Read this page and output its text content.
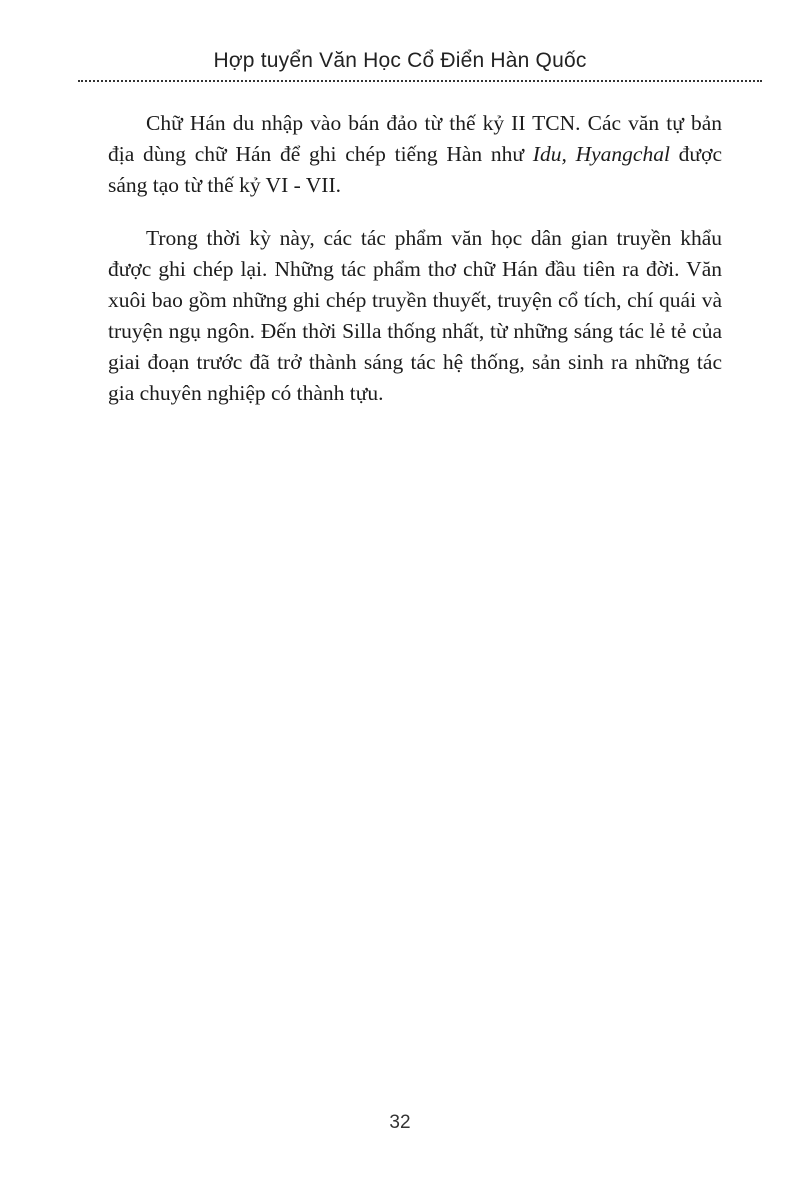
Hợp tuyển Văn Học Cổ Điển Hàn Quốc

Chữ Hán du nhập vào bán đảo từ thế kỷ II TCN. Các văn tự bản địa dùng chữ Hán để ghi chép tiếng Hàn như Idu, Hyangchal được sáng tạo từ thế kỷ VI - VII.

Trong thời kỳ này, các tác phẩm văn học dân gian truyền khẩu được ghi chép lại. Những tác phẩm thơ chữ Hán đầu tiên ra đời. Văn xuôi bao gồm những ghi chép truyền thuyết, truyện cổ tích, chí quái và truyện ngụ ngôn. Đến thời Silla thống nhất, từ những sáng tác lẻ tẻ của giai đoạn trước đã trở thành sáng tác hệ thống, sản sinh ra những tác gia chuyên nghiệp có thành tựu.

32
